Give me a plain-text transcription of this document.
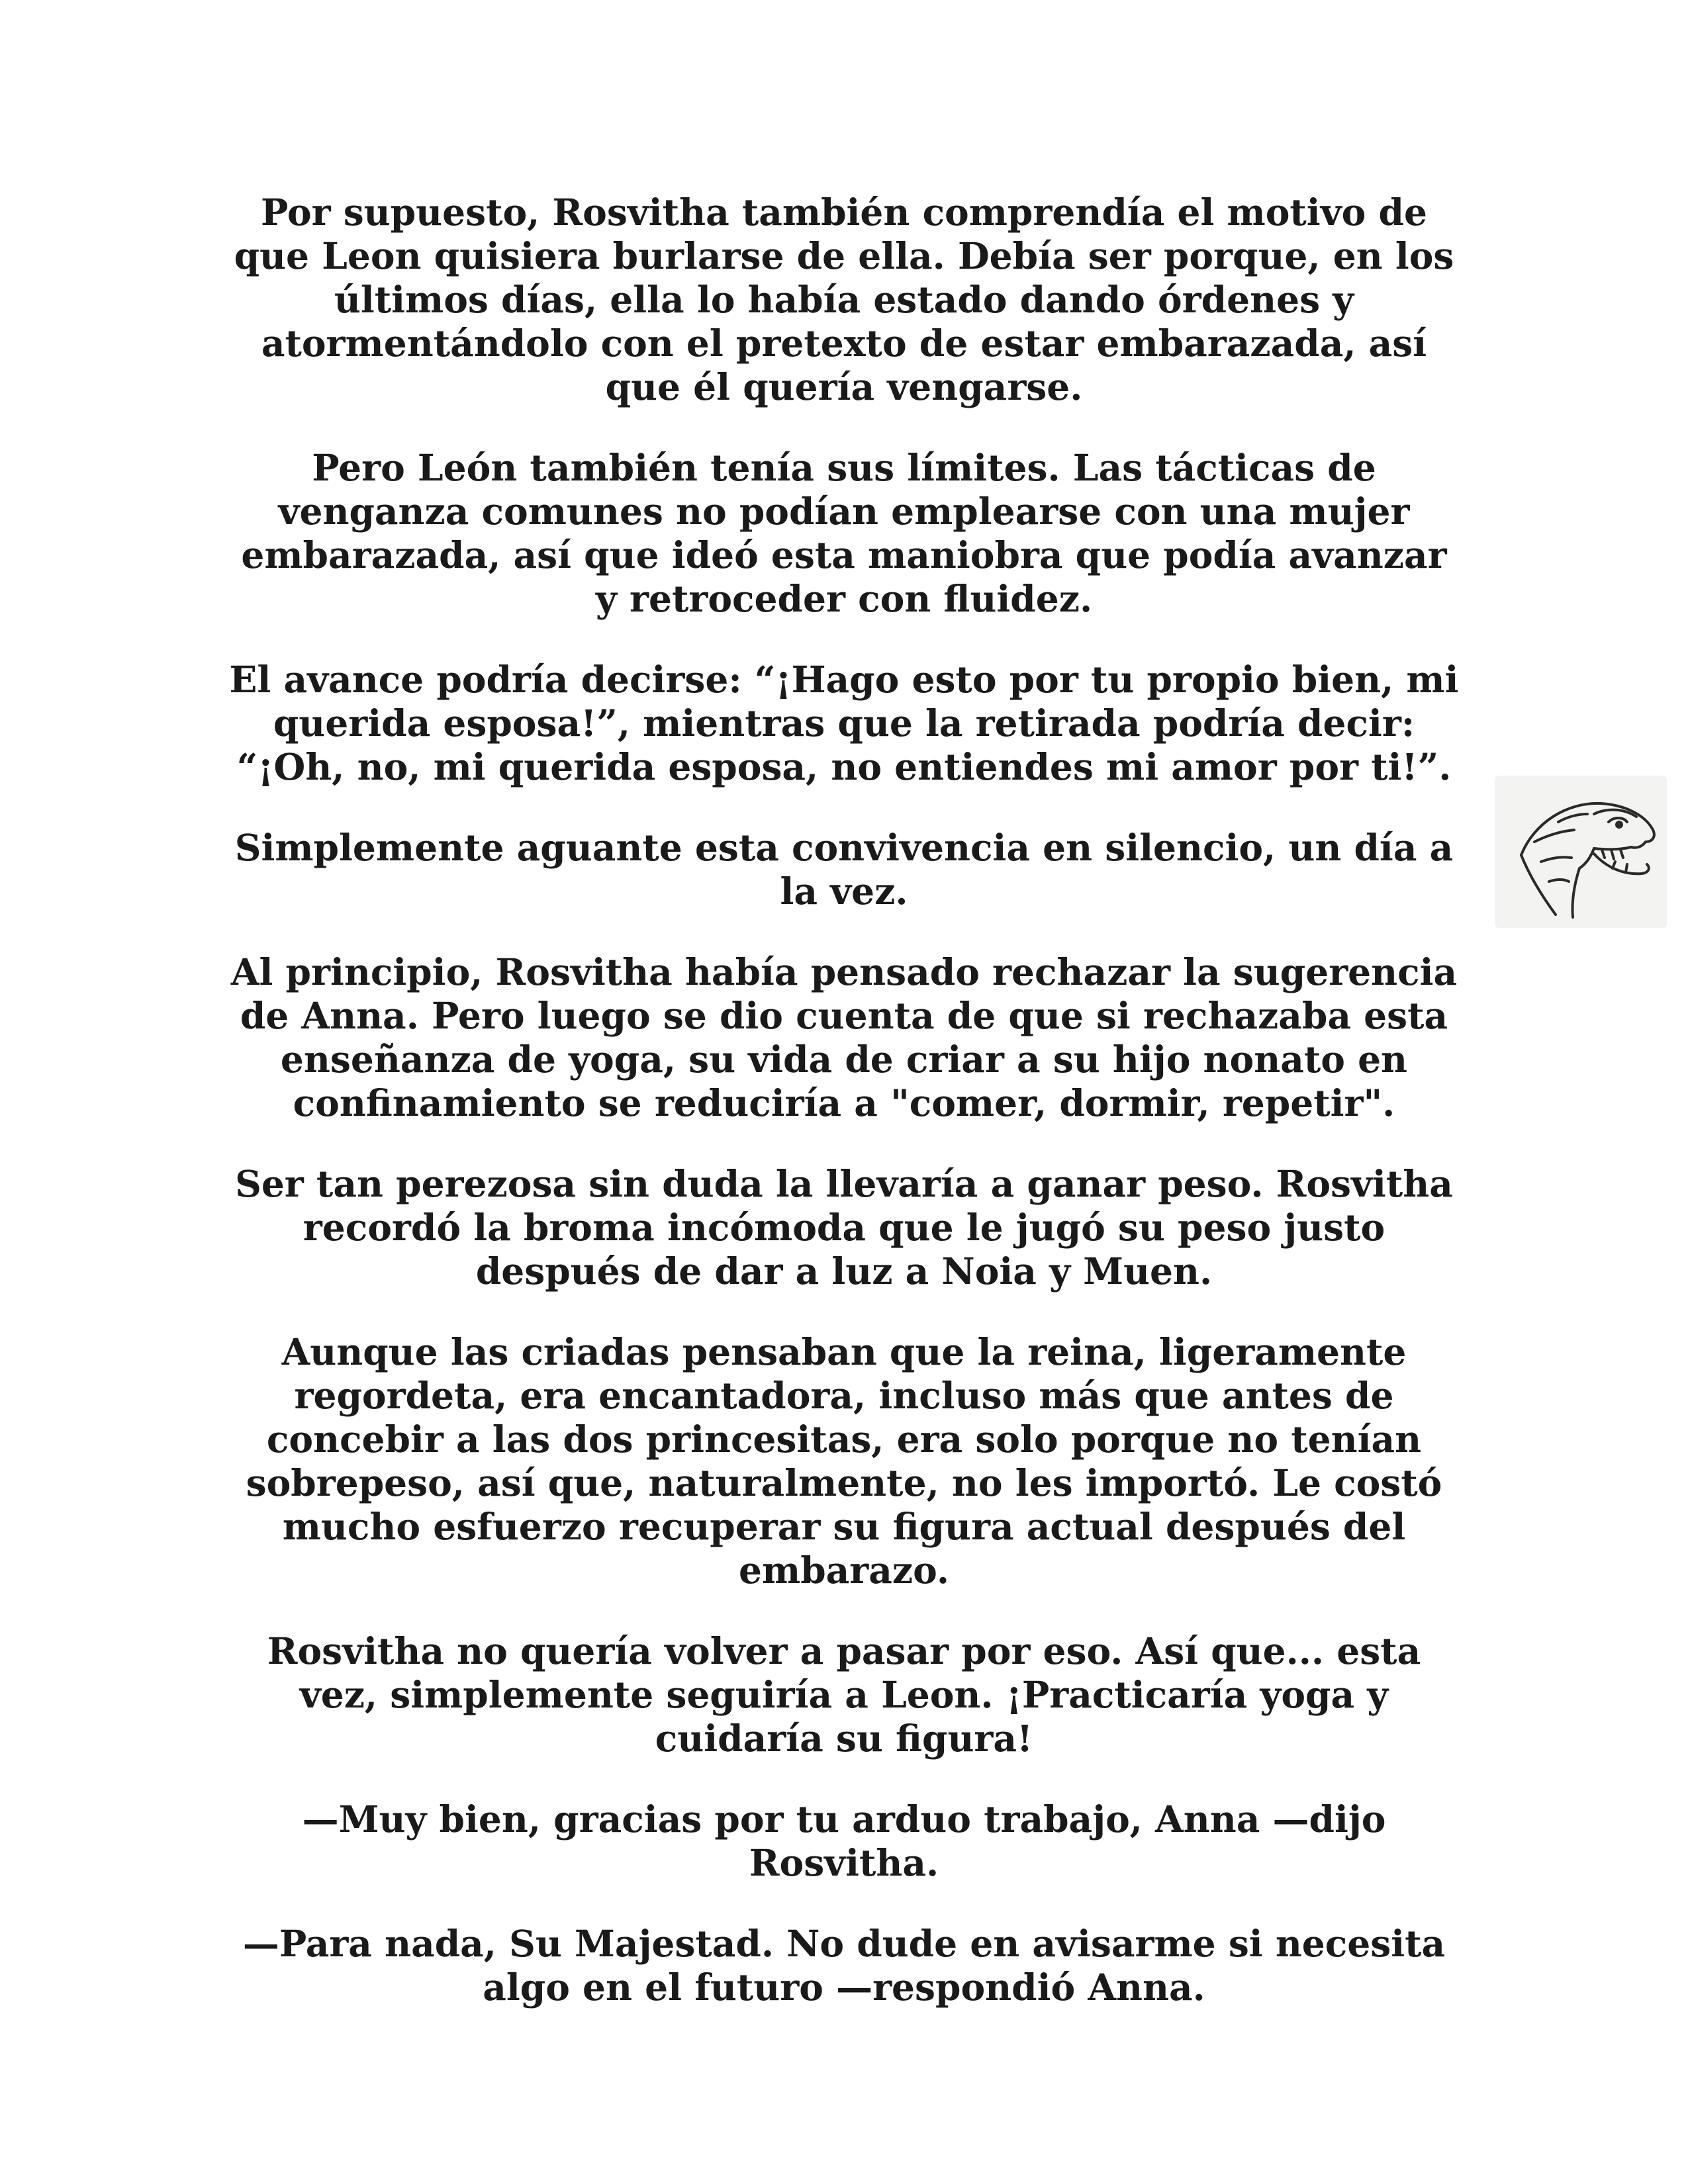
Por supuesto, Rosvitha también comprendía el motivo de que Leon quisiera burlarse de ella. Debía ser porque, en los últimos días, ella lo había estado dando órdenes y atormentándolo con el pretexto de estar embarazada, así que él quería vengarse.

Pero León también tenía sus límites. Las tácticas de venganza comunes no podían emplearse con una mujer embarazada, así que ideó esta maniobra que podía avanzar y retroceder con fluidez.

El avance podría decirse: “¡Hago esto por tu propio bien, mi querida esposa!”, mientras que la retirada podría decir: “¡Oh, no, mi querida esposa, no entiendes mi amor por ti!”.

Simplemente aguante esta convivencia en silencio, un día a la vez.

Al principio, Rosvitha había pensado rechazar la sugerencia de Anna. Pero luego se dio cuenta de que si rechazaba esta enseñanza de yoga, su vida de criar a su hijo nonato en confinamiento se reduciría a "comer, dormir, repetir".

Ser tan perezosa sin duda la llevaría a ganar peso. Rosvitha recordó la broma incómoda que le jugó su peso justo después de dar a luz a Noia y Muen.

Aunque las criadas pensaban que la reina, ligeramente regordeta, era encantadora, incluso más que antes de concebir a las dos princesitas, era solo porque no tenían sobrepeso, así que, naturalmente, no les importó. Le costó mucho esfuerzo recuperar su figura actual después del embarazo.

Rosvitha no quería volver a pasar por eso. Así que... esta vez, simplemente seguiría a Leon. ¡Practicaría yoga y cuidaría su figura!

—Muy bien, gracias por tu arduo trabajo, Anna —dijo Rosvitha.

—Para nada, Su Majestad. No dude en avisarme si necesita algo en el futuro —respondió Anna.
